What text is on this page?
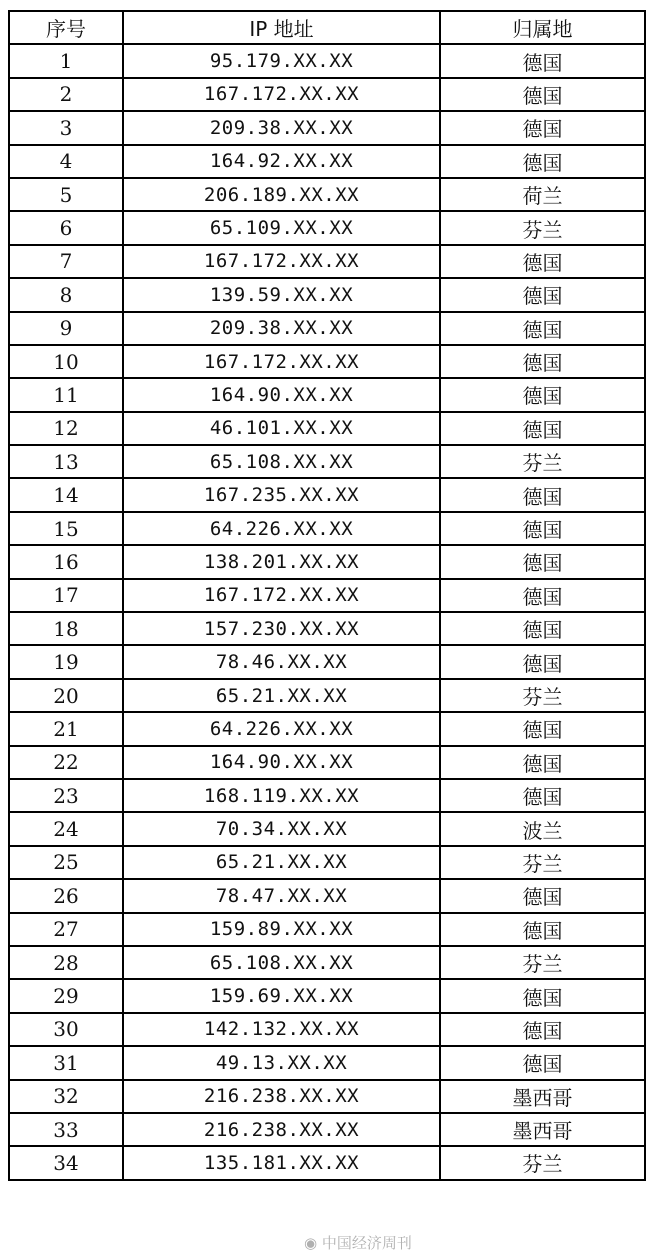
序号	IP 地址	归属地
1	95.179.XX.XX	德国
2	167.172.XX.XX	德国
3	209.38.XX.XX	德国
4	164.92.XX.XX	德国
5	206.189.XX.XX	荷兰
6	65.109.XX.XX	芬兰
7	167.172.XX.XX	德国
8	139.59.XX.XX	德国
9	209.38.XX.XX	德国
10	167.172.XX.XX	德国
11	164.90.XX.XX	德国
12	46.101.XX.XX	德国
13	65.108.XX.XX	芬兰
14	167.235.XX.XX	德国
15	64.226.XX.XX	德国
16	138.201.XX.XX	德国
17	167.172.XX.XX	德国
18	157.230.XX.XX	德国
19	78.46.XX.XX	德国
20	65.21.XX.XX	芬兰
21	64.226.XX.XX	德国
22	164.90.XX.XX	德国
23	168.119.XX.XX	德国
24	70.34.XX.XX	波兰
25	65.21.XX.XX	芬兰
26	78.47.XX.XX	德国
27	159.89.XX.XX	德国
28	65.108.XX.XX	芬兰
29	159.69.XX.XX	德国
30	142.132.XX.XX	德国
31	49.13.XX.XX	德国
32	216.238.XX.XX	墨西哥
33	216.238.XX.XX	墨西哥
34	135.181.XX.XX	芬兰
◉ 中国经济周刊
